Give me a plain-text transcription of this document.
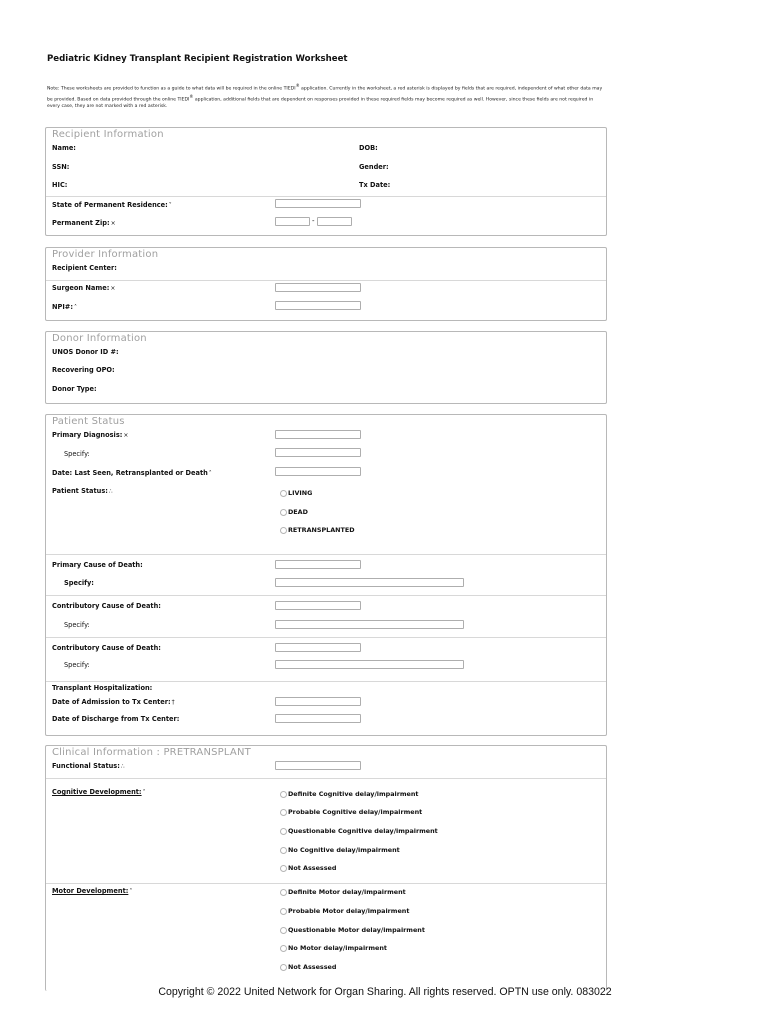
Pediatric Kidney Transplant Recipient Registration Worksheet
Note: These worksheets are provided to function as a guide to what data will be required in the online TIEDI® application. Currently in the worksheet, a red asterisk is displayed by fields that are required, independent of what other data may be provided. Based on data provided through the online TIEDI® application, additional fields that are dependent on responses provided in these required fields may become required as well. However, since these fields are not required in every case, they are not marked with a red asterisk.
Recipient Information
Name:	DOB:
SSN:	Gender:
HIC:	Tx Date:
State of Permanent Residence:˅
Permanent Zip:×	-
Provider Information
Recipient Center:
Surgeon Name:×
NPI#:˄
Donor Information
UNOS Donor ID #:
Recovering OPO:
Donor Type:
Patient Status
Primary Diagnosis:×
Specify:
Date: Last Seen, Retransplanted or Death˄
Patient Status:∴	LIVING
DEAD
RETRANSPLANTED
Primary Cause of Death:
Specify:
Contributory Cause of Death:
Specify:
Contributory Cause of Death:
Specify:
Transplant Hospitalization:
Date of Admission to Tx Center:†
Date of Discharge from Tx Center:
Clinical Information : PRETRANSPLANT
Functional Status:∴
Cognitive Development:˄	Definite Cognitive delay/impairment
Probable Cognitive delay/impairment
Questionable Cognitive delay/impairment
No Cognitive delay/impairment
Not Assessed
Motor Development:˄	Definite Motor delay/impairment
Probable Motor delay/impairment
Questionable Motor delay/impairment
No Motor delay/impairment
Not Assessed
Copyright © 2022 United Network for Organ Sharing. All rights reserved. OPTN use only. 083022
